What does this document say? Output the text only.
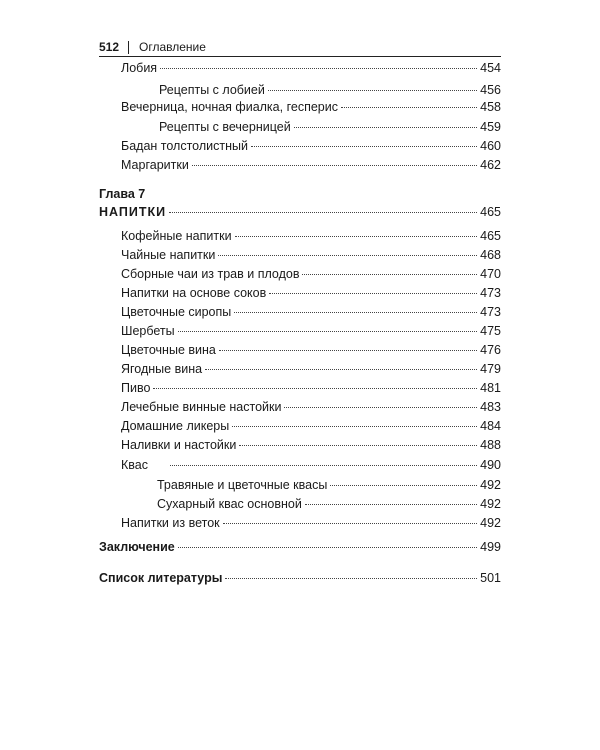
512 Оглавление
Лобия	454
Рецепты с лобией	456
Вечерница, ночная фиалка, гесперис	458
Рецепты с вечерницей	459
Бадан толстолистный	460
Маргаритки	462
Глава 7
НАПИТКИ	465
Кофейные напитки	465
Чайные напитки	468
Сборные чаи из трав и плодов	470
Напитки на основе соков	473
Цветочные сиропы	473
Шербеты	475
Цветочные вина	476
Ягодные вина	479
Пиво	481
Лечебные винные настойки	483
Домашние ликеры	484
Наливки и настойки	488
Квас	490
Травяные и цветочные квасы	492
Сухарный квас основной	492
Напитки из веток	492
Заключение	499
Список литературы	501
